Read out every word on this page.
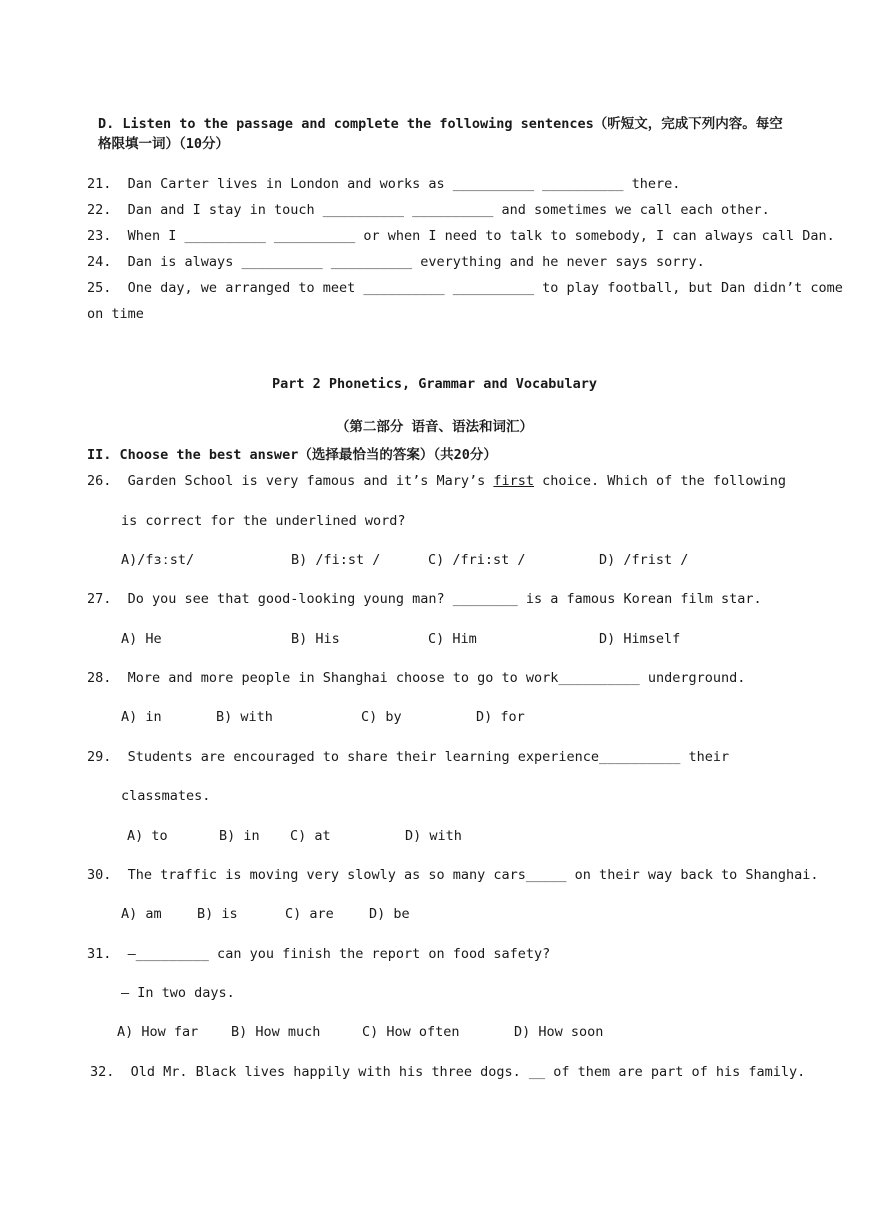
D. Listen to the passage and complete the following sentences（听短文，完成下列内容。每空
格限填一词）（10分）
21. Dan Carter lives in London and works as __________ __________ there.
22. Dan and I stay in touch __________ __________ and sometimes we call each other.
23. When I __________ __________ or when I need to talk to somebody, I can always call Dan.
24. Dan is always __________ __________ everything and he never says sorry.
25. One day, we arranged to meet __________ __________ to play football, but Dan didn’t come
on time
Part 2 Phonetics, Grammar and Vocabulary
（第二部分 语音、语法和词汇）
II. Choose the best answer（选择最恰当的答案）（共20分）
26. Garden School is very famous and it’s Mary’s first choice. Which of the following
is correct for the underlined word?
A)/fɜːst/	B) /fi:st /	C) /fri:st /	D) /frist /
27. Do you see that good-looking young man? ________ is a famous Korean film star.
A) He	B) His	C) Him	D) Himself
28. More and more people in Shanghai choose to go to work__________ underground.
A) in	B) with	C) by	D) for
29. Students are encouraged to share their learning experience__________ their
classmates.
A) to	B) in C) at	D) with
30. The traffic is moving very slowly as so many cars_____ on their way back to Shanghai.
A) am	B) is	C) are	D) be
31. —_________ can you finish the report on food safety?
— In two days.
A) How far B) How much	C) How often	D) How soon
32. Old Mr. Black lives happily with his three dogs. __ of them are part of his family.
